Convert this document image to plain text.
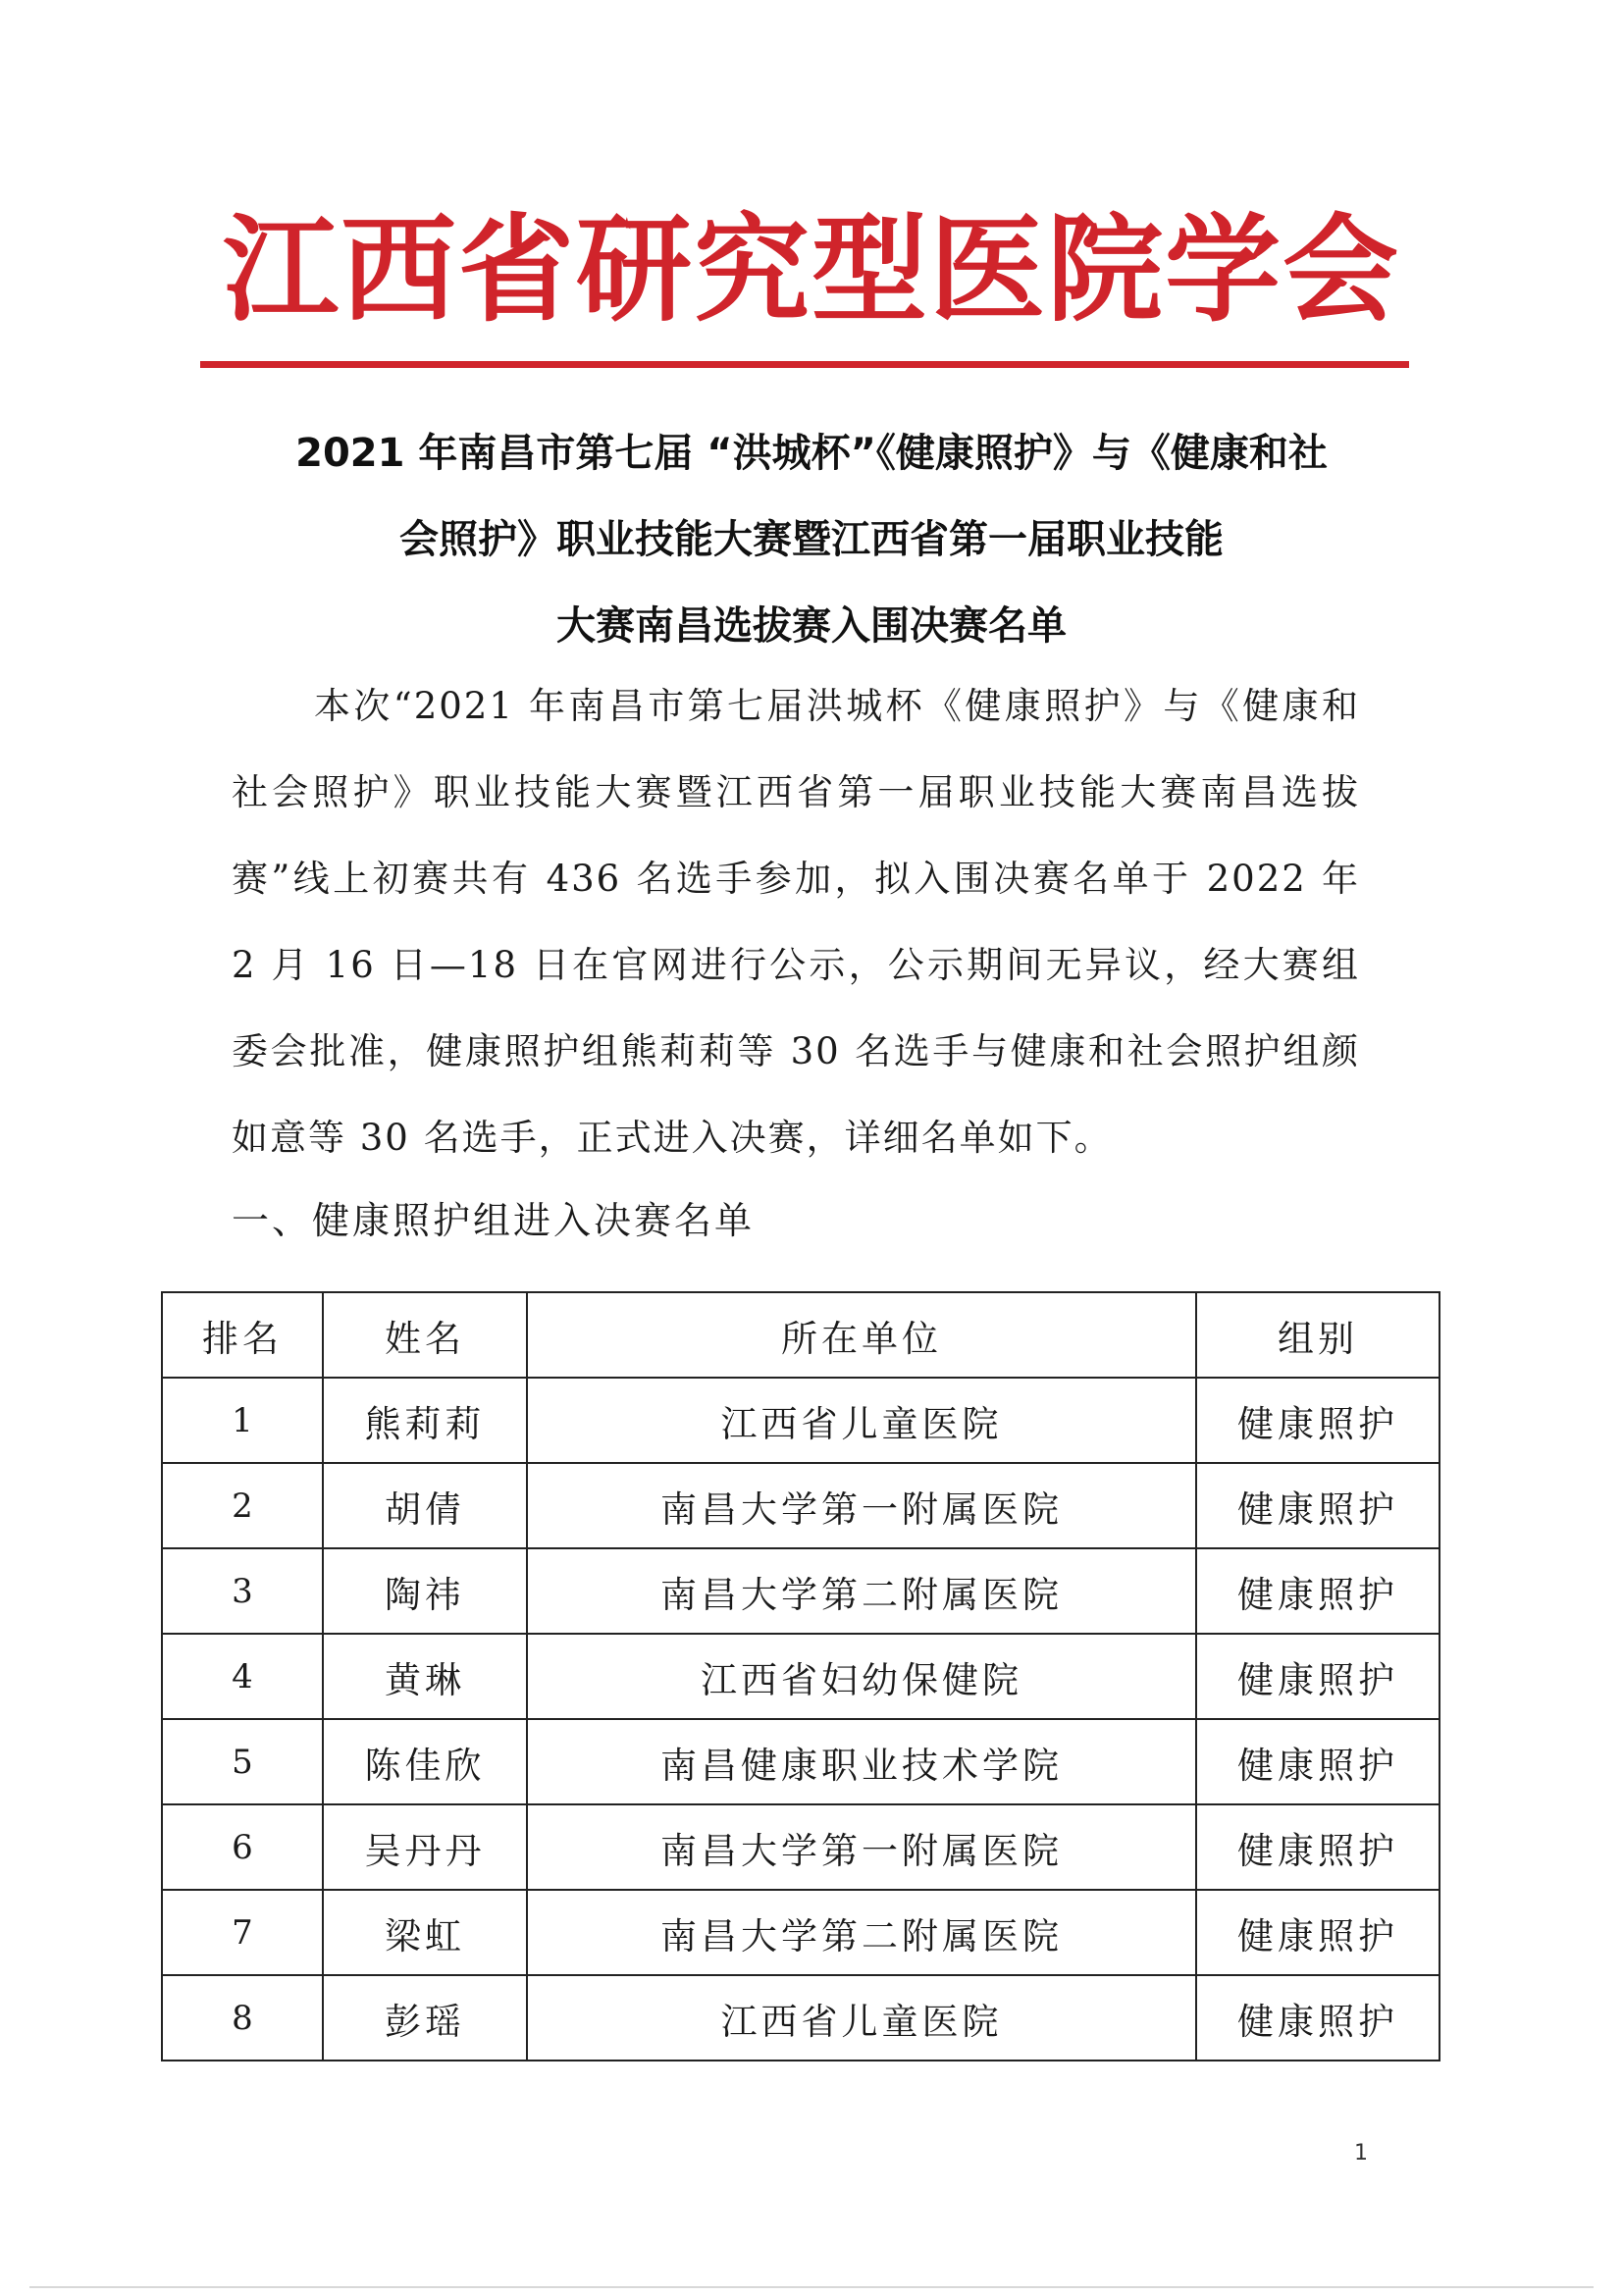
江西省研究型医院学会
2021 年南昌市第七届 “洪城杯”《健康照护》与《健康和社
会照护》职业技能大赛暨江西省第一届职业技能
大赛南昌选拔赛入围决赛名单
本次“2021 年南昌市第七届洪城杯《健康照护》与《健康和社会照护》职业技能大赛暨江西省第一届职业技能大赛南昌选拔赛”线上初赛共有 436 名选手参加，拟入围决赛名单于 2022 年 2 月 16 日—18 日在官网进行公示，公示期间无异议，经大赛组委会批准，健康照护组熊莉莉等 30 名选手与健康和社会照护组颜如意等 30 名选手，正式进入决赛，详细名单如下。
一、健康照护组进入决赛名单
排名	姓名	所在单位	组别
1	熊莉莉	江西省儿童医院	健康照护
2	胡倩	南昌大学第一附属医院	健康照护
3	陶祎	南昌大学第二附属医院	健康照护
4	黄琳	江西省妇幼保健院	健康照护
5	陈佳欣	南昌健康职业技术学院	健康照护
6	吴丹丹	南昌大学第一附属医院	健康照护
7	梁虹	南昌大学第二附属医院	健康照护
8	彭瑶	江西省儿童医院	健康照护
1
